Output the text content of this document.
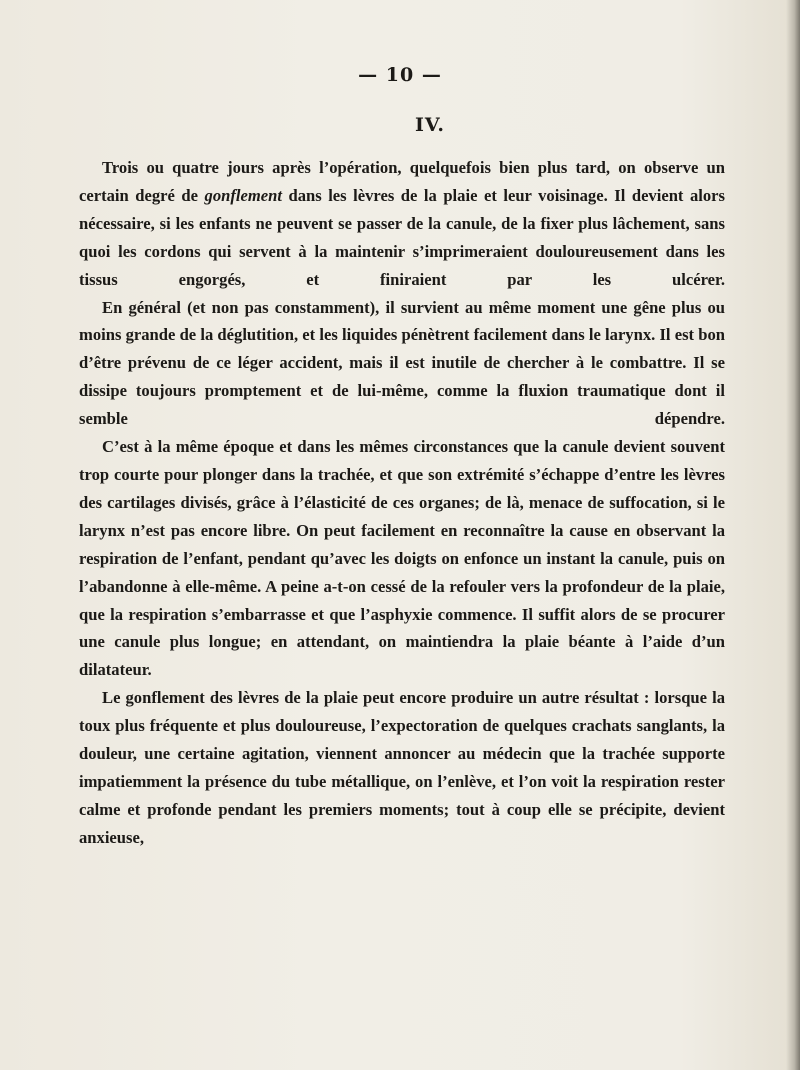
— 10 —
IV.

Trois ou quatre jours après l’opération, quelquefois bien plus tard, on observe un certain degré de gonflement dans les lèvres de la plaie et leur voisinage. Il devient alors nécessaire, si les enfants ne peuvent se passer de la canule, de la fixer plus lâchement, sans quoi les cordons qui servent à la maintenir s’imprimeraient douloureusement dans les tissus engorgés, et finiraient par les ulcérer.

En général (et non pas constamment), il survient au même moment une gêne plus ou moins grande de la déglutition, et les liquides pénètrent facilement dans le larynx. Il est bon d’être prévenu de ce léger accident, mais il est inutile de chercher à le combattre. Il se dissipe toujours promptement et de lui-même, comme la fluxion traumatique dont il semble dépendre.

C’est à la même époque et dans les mêmes circonstances que la canule devient souvent trop courte pour plonger dans la trachée, et que son extrémité s’échappe d’entre les lèvres des cartilages divisés, grâce à l’élasticité de ces organes; de là, menace de suffocation, si le larynx n’est pas encore libre. On peut facilement en reconnaître la cause en observant la respiration de l’enfant, pendant qu’avec les doigts on enfonce un instant la canule, puis on l’abandonne à elle-même. A peine a-t-on cessé de la refouler vers la profondeur de la plaie, que la respiration s’embarrasse et que l’asphyxie commence. Il suffit alors de se procurer une canule plus longue; en attendant, on maintiendra la plaie béante à l’aide d’un dilatateur.

Le gonflement des lèvres de la plaie peut encore produire un autre résultat : lorsque la toux plus fréquente et plus douloureuse, l’expectoration de quelques crachats sanglants, la douleur, une certaine agitation, viennent annoncer au médecin que la trachée supporte impatiemment la présence du tube métallique, on l’enlève, et l’on voit la respiration rester calme et profonde pendant les premiers moments; tout à coup elle se précipite, devient anxieuse,
